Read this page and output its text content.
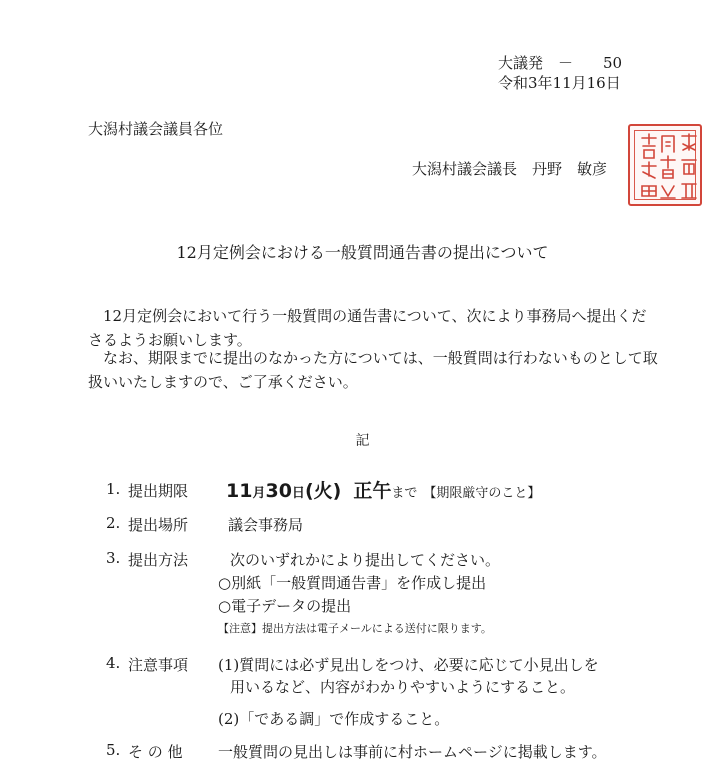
大議発　－　　50
令和3年11月16日
大潟村議会議員各位
大潟村議会議長　丹野　敏彦
12月定例会における一般質問通告書の提出について
12月定例会において行う一般質問の通告書について、次により事務局へ提出くださるようお願いします。
なお、期限までに提出のなかった方については、一般質問は行わないものとして取扱いいたしますので、ご了承ください。
記
1. 提出期限 11 月 30 日 (火) 正午 まで 【期限厳守のこと】
2. 提出場所	議会事務局
3. 提出方法	次のいずれかにより提出してください。
○別紙「一般質問通告書」を作成し提出
○電子データの提出
【注意】提出方法は電子メールによる送付に限ります。
4. 注意事項 (1)質問には必ず見出しをつけ、必要に応じて小見出しを
用いるなど、内容がわかりやすいようにすること。
(2)「である調」で作成すること。
5. そ の 他 一般質問の見出しは事前に村ホームページに掲載します。
